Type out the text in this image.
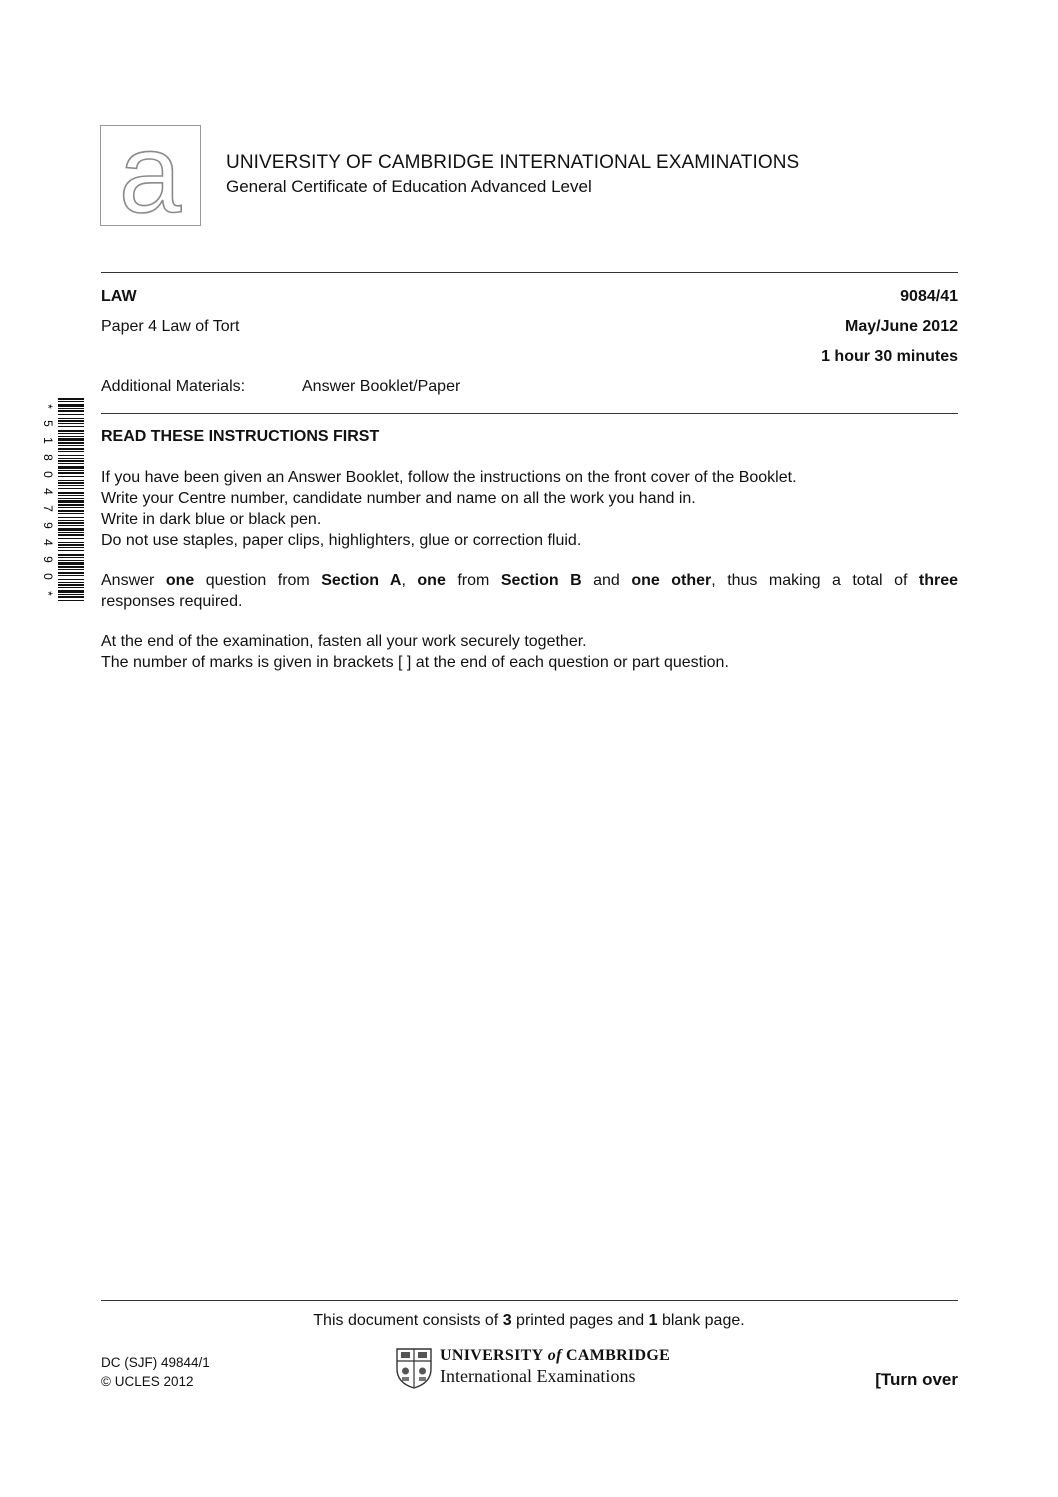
a UNIVERSITY OF CAMBRIDGE INTERNATIONAL EXAMINATIONS
General Certificate of Education Advanced Level
LAW	9084/41
Paper 4 Law of Tort	May/June 2012
1 hour 30 minutes
Additional Materials:	Answer Booklet/Paper
*
5
1
8
0
4
7
9
4
9
0
*

READ THESE INSTRUCTIONS FIRST

If you have been given an Answer Booklet, follow the instructions on the front cover of the Booklet.

Write your Centre number, candidate number and name on all the work you hand in.

Write in dark blue or black pen.

Do not use staples, paper clips, highlighters, glue or correction fluid.

Answer one question from Section A, one from Section B and one other, thus making a total of three

responses required.

At the end of the examination, fasten all your work securely together.

The number of marks is given in brackets [ ] at the end of each question or part question.

This document consists of 3 printed pages and 1 blank page.
DC (SJF) 49844/1
© UCLES 2012
UNIVERSITY of CAMBRIDGE
International Examinations	[Turn over
